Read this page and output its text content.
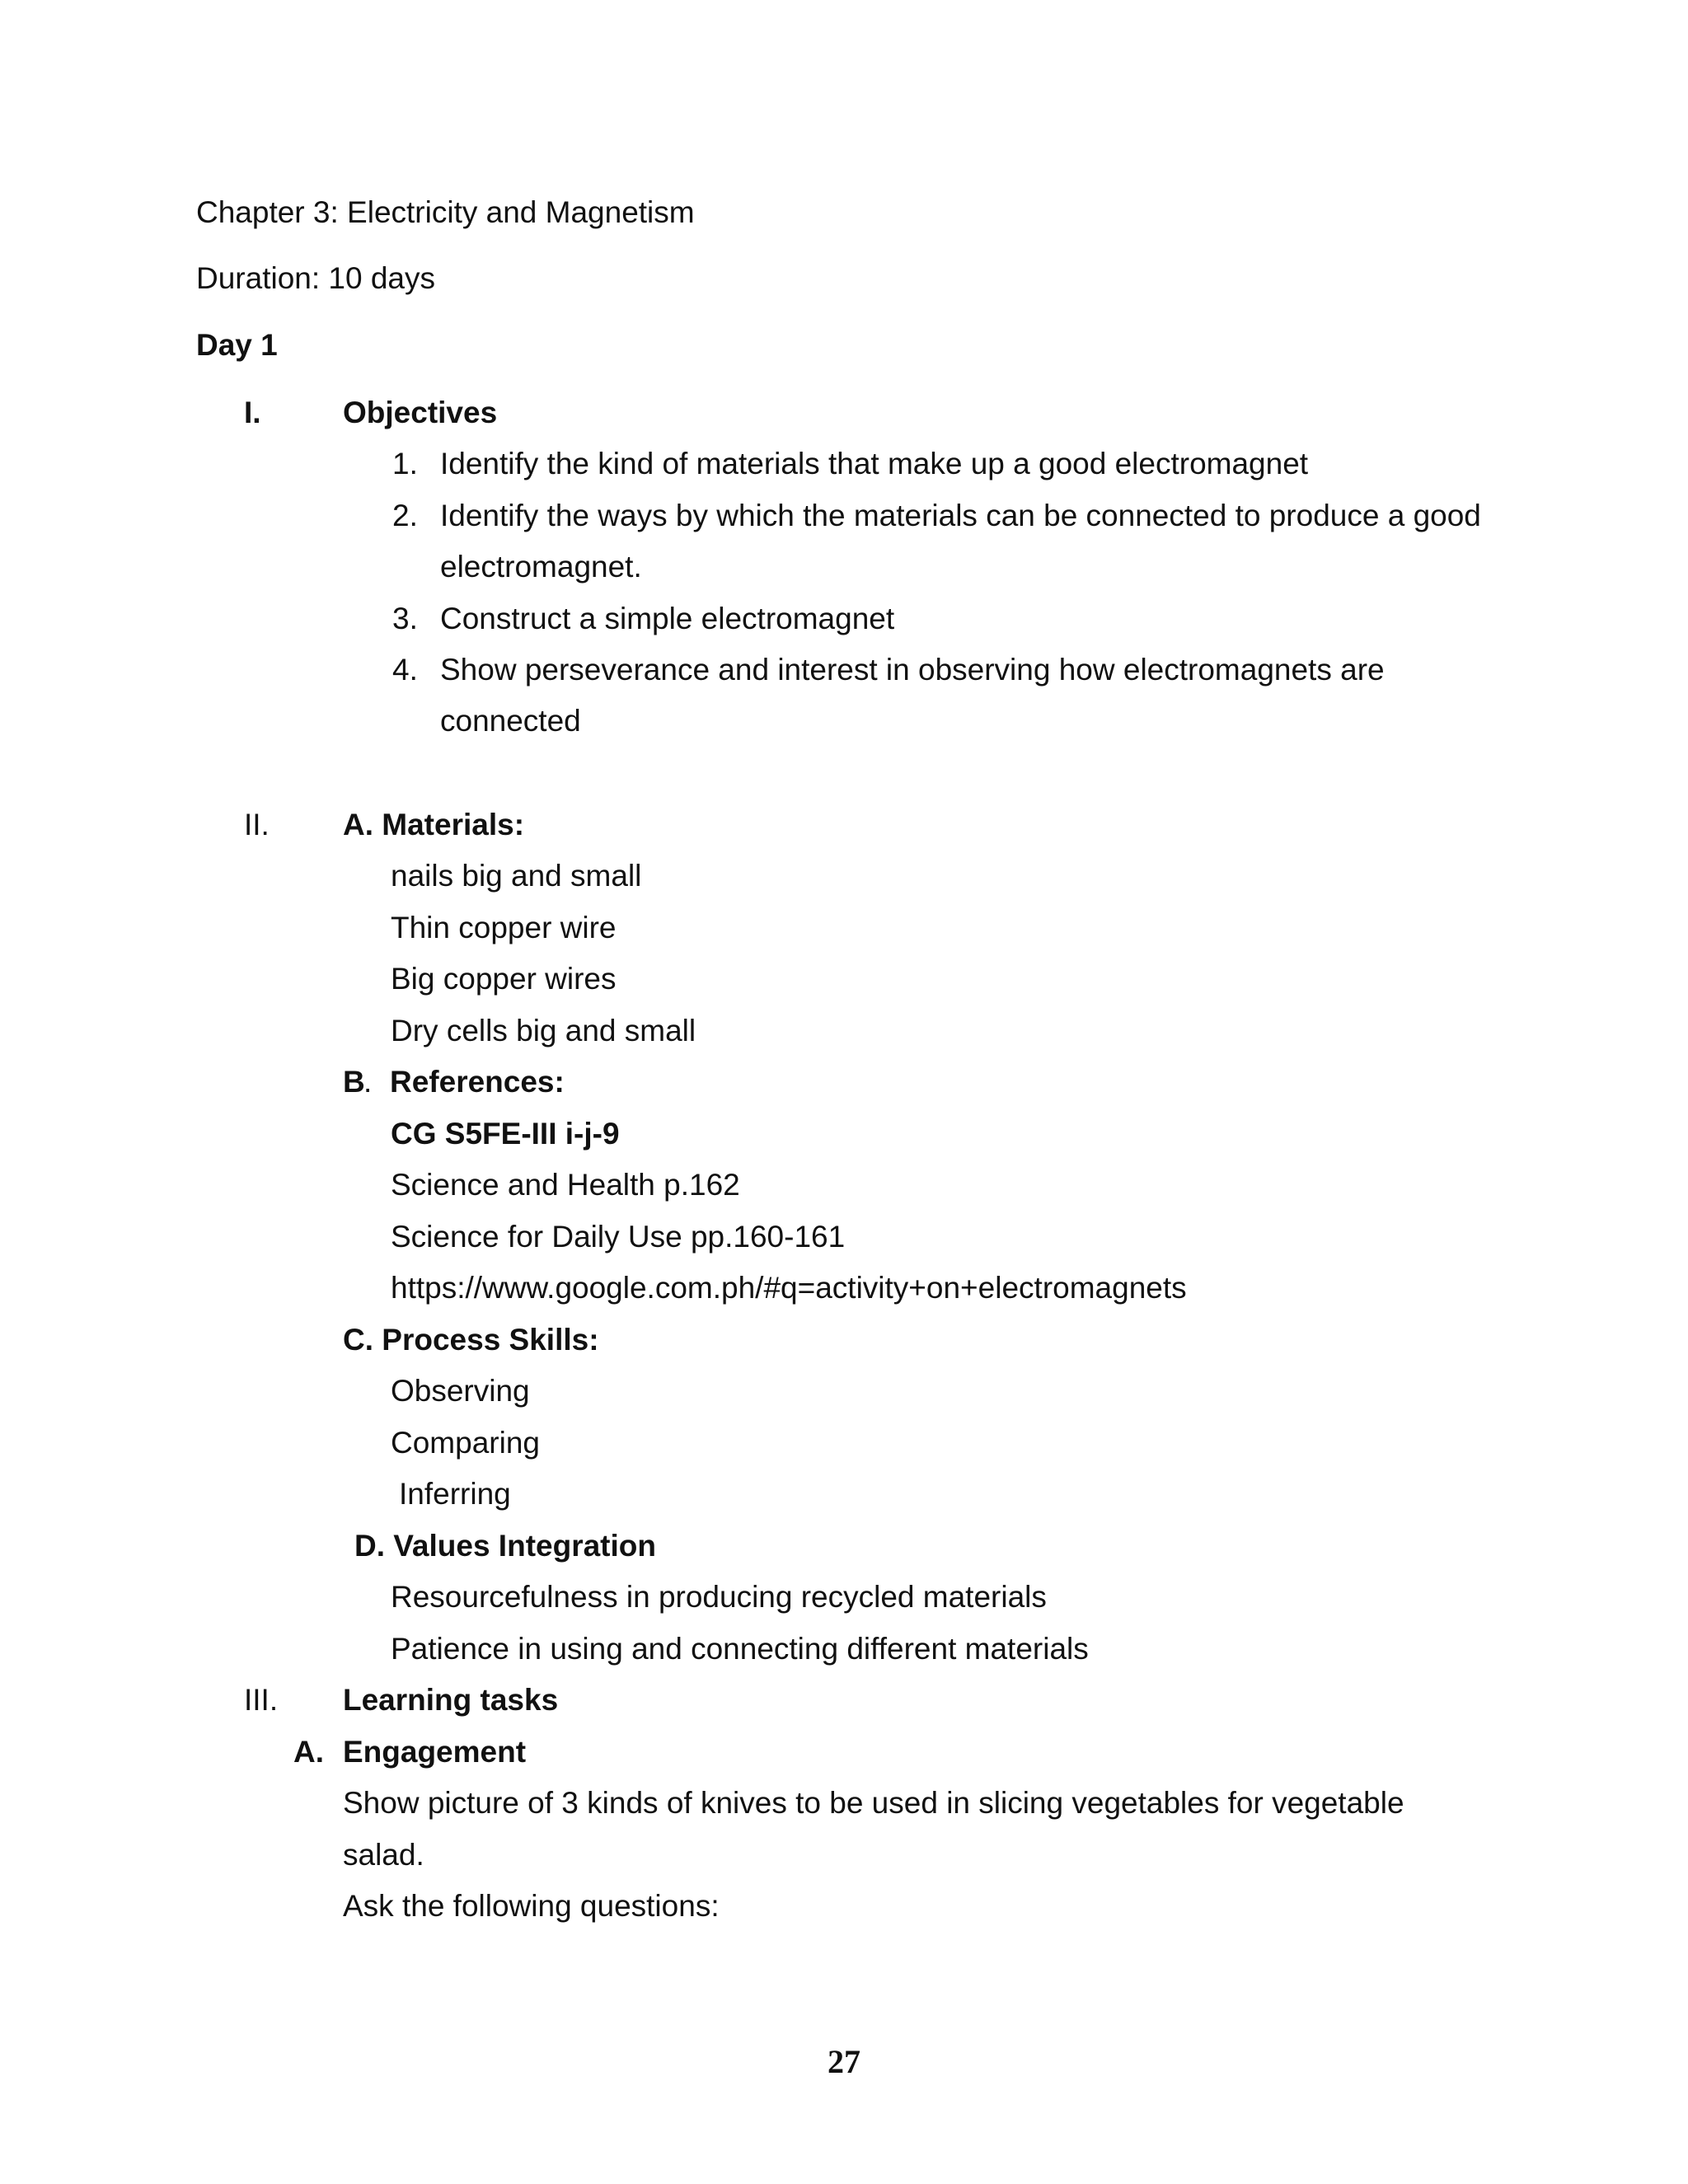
Chapter 3: Electricity and Magnetism
Duration: 10 days
Day 1
I.	Objectives
1. Identify the kind of materials that make up a good electromagnet
2. Identify the ways by which the materials can be connected to produce a good
electromagnet.
3. Construct a simple electromagnet
4. Show perseverance and interest in observing how electromagnets are
connected
II. A. Materials:
nails big and small
Thin copper wire
Big copper wires
Dry cells big and small
B
. References:
CG S5FE-III i-j-9
Science and Health p.162
Science for Daily Use pp.160-161
https://www.google.com.ph/#q=activity+on+electromagnets
C. Process Skills:
Observing
Comparing
Inferring
D. Values Integration
Resourcefulness in producing recycled materials
Patience in using and connecting different materials
III. Learning tasks
A. Engagement
Show picture of 3 kinds of knives to be used in slicing vegetables for vegetable
salad.
Ask the following questions:
27
